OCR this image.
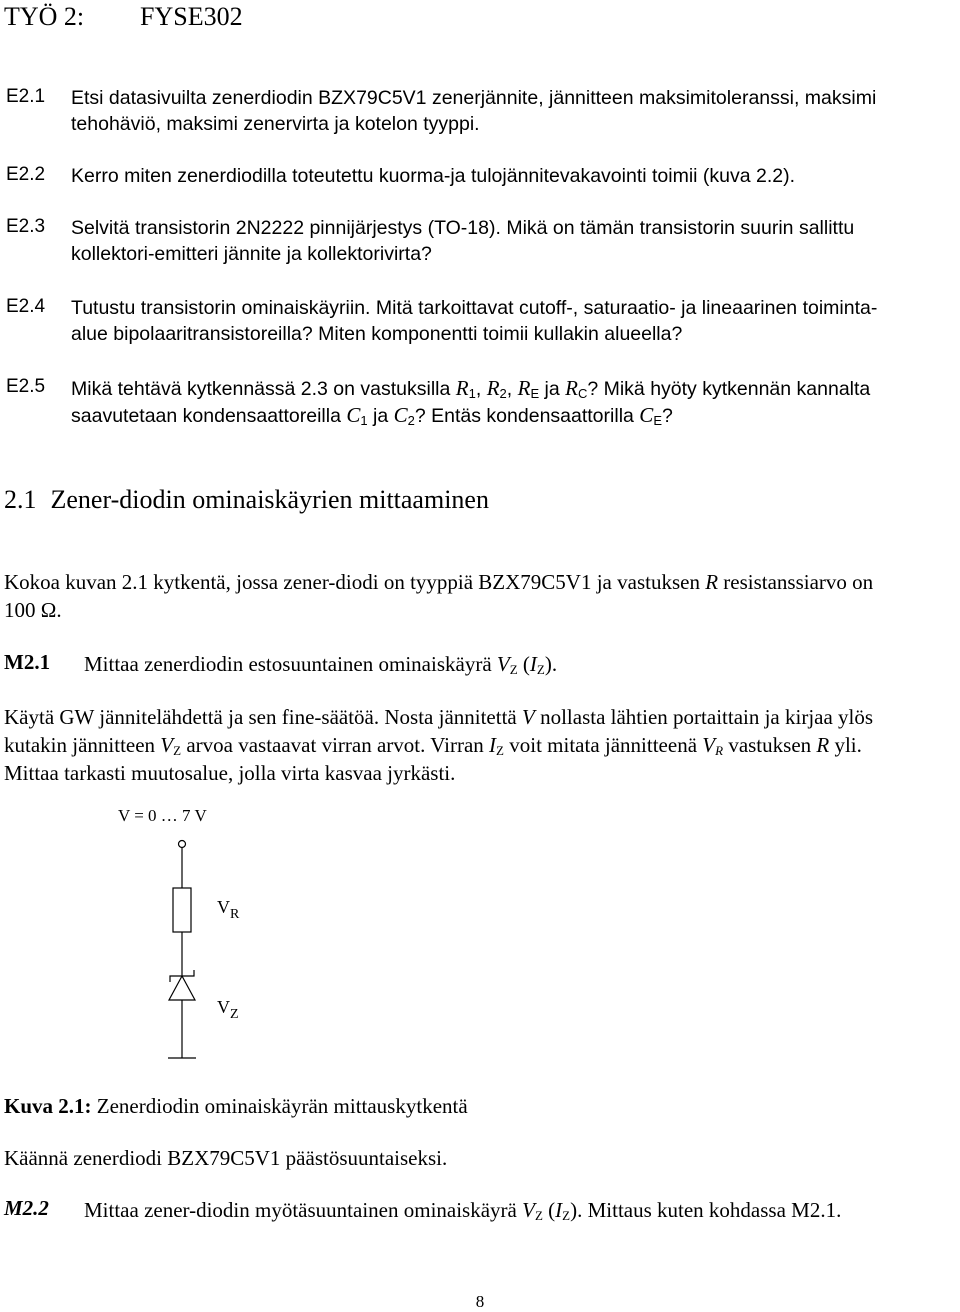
TYÖ 2: FYSE302
E2.1 Etsi datasivuilta zenerdiodin BZX79C5V1 zenerjännite, jännitteen maksimitoleranssi, maksimi
tehohäviö, maksimi zenervirta ja kotelon tyyppi.
E2.2 Kerro miten zenerdiodilla toteutettu kuorma-ja tulojännitevakavointi toimii (kuva 2.2).
E2.3 Selvitä transistorin 2N2222 pinnijärjestys (TO-18). Mikä on tämän transistorin suurin sallittu
kollektori-emitteri jännite ja kollektorivirta?
E2.4 Tutustu transistorin ominaiskäyriin. Mitä tarkoittavat cutoff-, saturaatio- ja lineaarinen toiminta-
alue bipolaaritransistoreilla? Miten komponentti toimii kullakin alueella?
E2.5 Mikä tehtävä kytkennässä 2.3 on vastuksilla $R_1$, $R_2$, $R_E$ ja $R_C$? Mikä hyöty kytkennän kannalta
saavutetaan kondensaattoreilla $C_1$ ja $C_2$? Entäs kondensaattorilla $C_E$?
2.1 Zener-diodin ominaiskäyrien mittaaminen
Kokoa kuvan 2.1 kytkentä, jossa zener-diodi on tyyppiä BZX79C5V1 ja vastuksen R resistanssiarvo on
100 Ω.
M2.1 Mittaa zenerdiodin estosuuntainen ominaiskäyrä $V_Z$ $(I_Z)$.
Käytä GW jännitelähdettä ja sen fine-säätöä. Nosta jännitettä V nollasta lähtien portaittain ja kirjaa ylös
kutakin jännitteen $V_Z$ arvoa vastaavat virran arvot. Virran $I_Z$ voit mitata jännitteenä $V_R$ vastuksen R yli.
Mittaa tarkasti muutosalue, jolla virta kasvaa jyrkästi.
V = 0 … 7 V
$V_R$
$V_Z$
Kuva 2.1: Zenerdiodin ominaiskäyrän mittauskytkentä
Käännä zenerdiodi BZX79C5V1 päästösuuntaiseksi.
M2.2 Mittaa zener-diodin myötäsuuntainen ominaiskäyrä $V_Z$ $(I_Z)$. Mittaus kuten kohdassa M2.1.
8
